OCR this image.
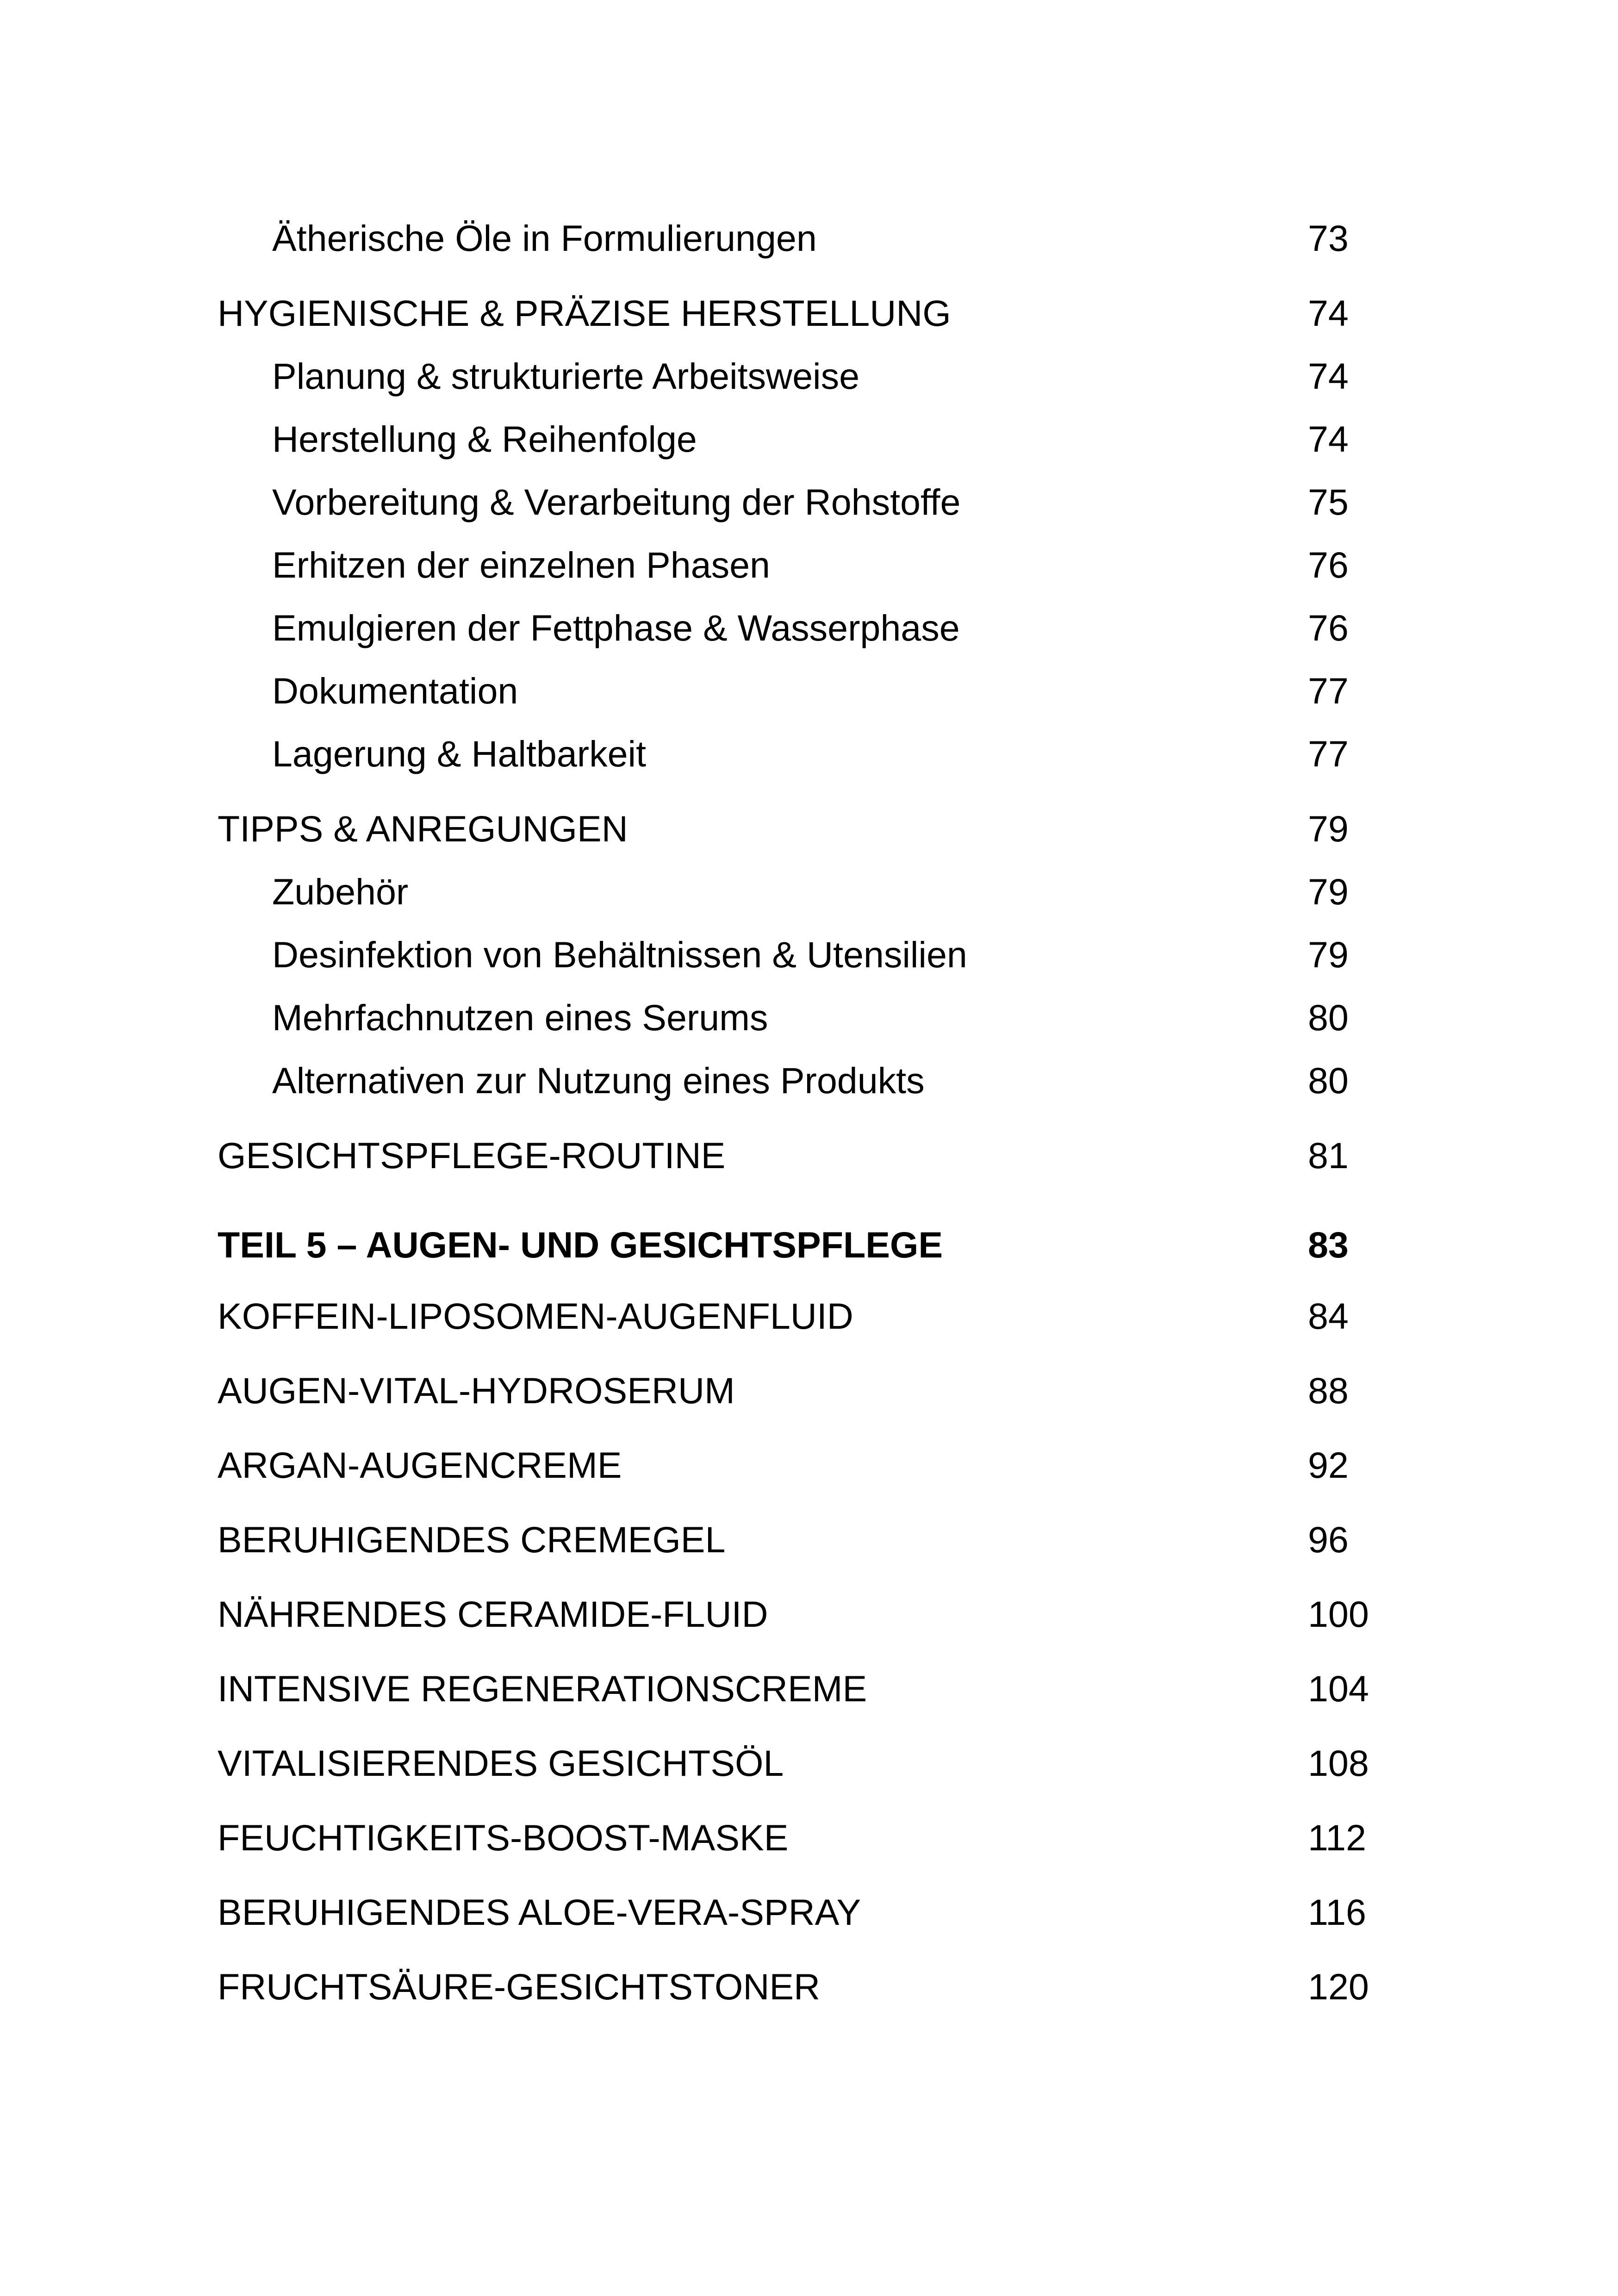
Ätherische Öle in Formulierungen	73
HYGIENISCHE & PRÄZISE HERSTELLUNG	74
Planung & strukturierte Arbeitsweise	74
Herstellung & Reihenfolge	74
Vorbereitung & Verarbeitung der Rohstoffe	75
Erhitzen der einzelnen Phasen	76
Emulgieren der Fettphase & Wasserphase	76
Dokumentation	77
Lagerung & Haltbarkeit	77
TIPPS & ANREGUNGEN	79
Zubehör	79
Desinfektion von Behältnissen & Utensilien	79
Mehrfachnutzen eines Serums	80
Alternativen zur Nutzung eines Produkts	80
GESICHTSPFLEGE-ROUTINE	81
TEIL 5 – AUGEN- UND GESICHTSPFLEGE	83
KOFFEIN-LIPOSOMEN-AUGENFLUID	84
AUGEN-VITAL-HYDROSERUM	88
ARGAN-AUGENCREME	92
BERUHIGENDES CREMEGEL	96
NÄHRENDES CERAMIDE-FLUID	100
INTENSIVE REGENERATIONSCREME	104
VITALISIERENDES GESICHTSÖL	108
FEUCHTIGKEITS-BOOST-MASKE	112
BERUHIGENDES ALOE-VERA-SPRAY	116
FRUCHTSÄURE-GESICHTSTONER	120
